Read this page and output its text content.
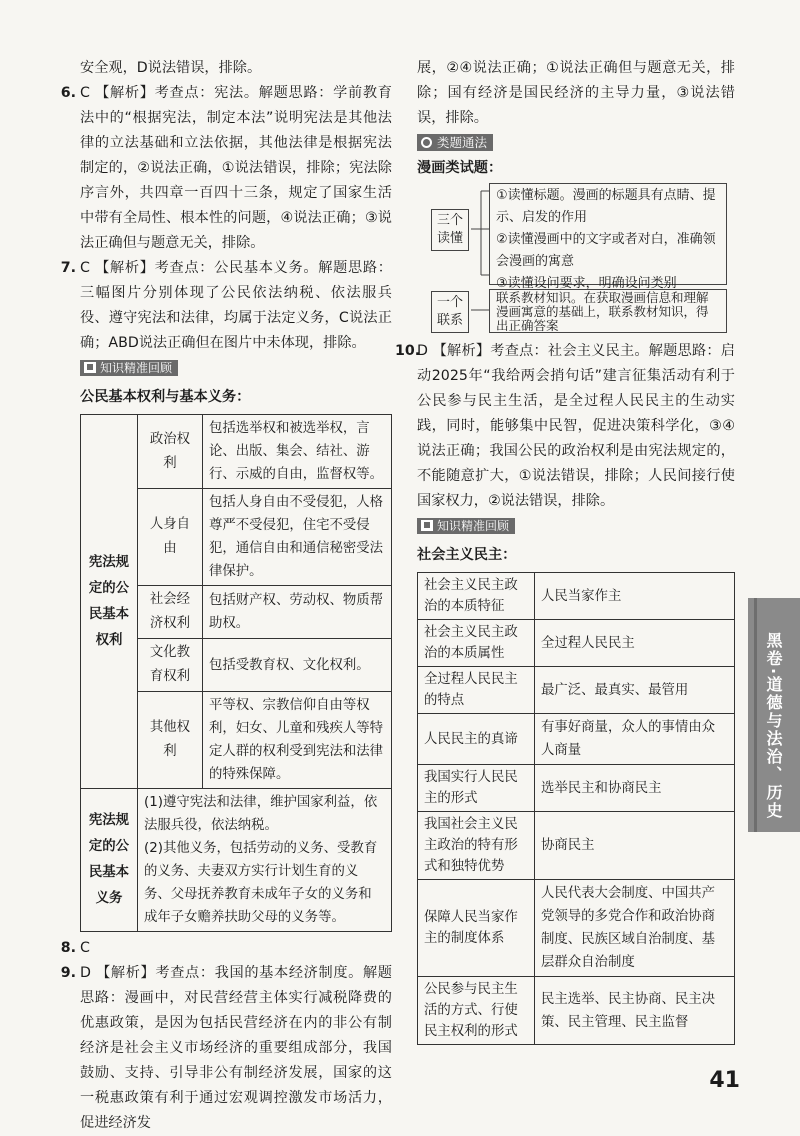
安全观，D说法错误，排除。

6. C 【解析】考查点：宪法。解题思路：学前教育法中的“根据宪法，制定本法”说明宪法是其他法律的立法基础和立法依据，其他法律是根据宪法制定的，②说法正确，①说法错误，排除；宪法除序言外，共四章一百四十三条，规定了国家生活中带有全局性、根本性的问题，④说法正确；③说法正确但与题意无关，排除。

7. C 【解析】考查点：公民基本义务。解题思路：三幅图片分别体现了公民依法纳税、依法服兵役、遵守宪法和法律，均属于法定义务，C说法正确；ABD说法正确但在图片中未体现，排除。

知识精准回顾
公民基本权利与基本义务：
宪法规定的公民基本权利	政治权利	包括选举权和被选举权，言论、出版、集会、结社、游行、示威的自由，监督权等。
	人身自由	包括人身自由不受侵犯，人格尊严不受侵犯，住宅不受侵犯，通信自由和通信秘密受法律保护。
	社会经济权利	包括财产权、劳动权、物质帮助权。
	文化教育权利	包括受教育权、文化权利。
	其他权利	平等权、宗教信仰自由等权利，妇女、儿童和残疾人等特定人群的权利受到宪法和法律的特殊保障。
宪法规定的公民基本义务	(1)遵守宪法和法律，维护国家利益，依法服兵役，依法纳税。
(2)其他义务，包括劳动的义务、受教育的义务、夫妻双方实行计划生育的义务、父母抚养教育未成年子女的义务和成年子女赡养扶助父母的义务等。	

8. C

9. D 【解析】考查点：我国的基本经济制度。解题思路：漫画中，对民营经营主体实行减税降费的优惠政策，是因为包括民营经济在内的非公有制经济是社会主义市场经济的重要组成部分，我国鼓励、支持、引导非公有制经济发展，国家的这一税惠政策有利于通过宏观调控激发市场活力，促进经济发

展，②④说法正确；①说法正确但与题意无关，排除；国有经济是国民经济的主导力量，③说法错误，排除。

类题通法
漫画类试题：
三个读懂
①读懂标题。漫画的标题具有点睛、提示、启发的作用
②读懂漫画中的文字或者对白，准确领会漫画的寓意
③读懂设问要求，明确设问类别
一个联系
联系教材知识。在获取漫画信息和理解漫画寓意的基础上，联系教材知识，得出正确答案

10.D 【解析】考查点：社会主义民主。解题思路：启动2025年“我给两会捎句话”建言征集活动有利于公民参与民主生活，是全过程人民民主的生动实践，同时，能够集中民智，促进决策科学化，③④说法正确；我国公民的政治权利是由宪法规定的，不能随意扩大，①说法错误，排除；人民间接行使国家权力，②说法错误，排除。

知识精准回顾
社会主义民主：
社会主义民主政治的本质特征	人民当家作主
社会主义民主政治的本质属性	全过程人民民主
全过程人民民主的特点	最广泛、最真实、最管用
人民民主的真谛	有事好商量，众人的事情由众人商量
我国实行人民民主的形式	选举民主和协商民主
我国社会主义民主政治的特有形式和独特优势	协商民主
保障人民当家作主的制度体系	人民代表大会制度、中国共产党领导的多党合作和政治协商制度、民族区域自治制度、基层群众自治制度
公民参与民主生活的方式、行使民主权利的形式	民主选举、民主协商、民主决策、民主管理、民主监督
黑卷·道德与法治、历史
41
